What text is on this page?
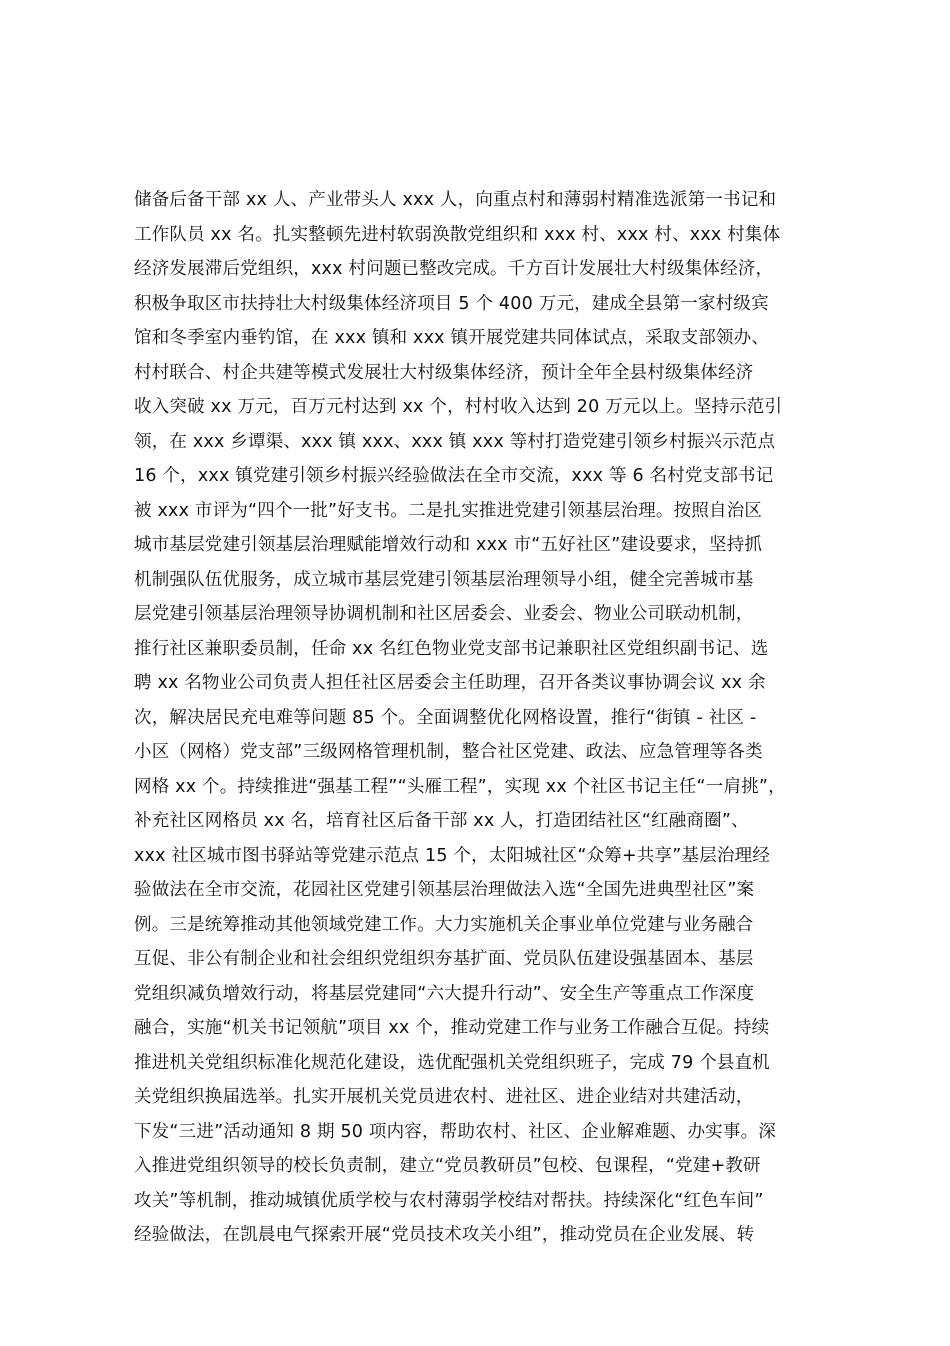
储备后备干部 xx 人、产业带头人 xxx 人，向重点村和薄弱村精准选派第一书记和
工作队员 xx 名。扎实整顿先进村软弱涣散党组织和 xxx 村、xxx 村、xxx 村集体
经济发展滞后党组织，xxx 村问题已整改完成。千方百计发展壮大村级集体经济，
积极争取区市扶持壮大村级集体经济项目 5 个 400 万元，建成全县第一家村级宾
馆和冬季室内垂钓馆，在 xxx 镇和 xxx 镇开展党建共同体试点，采取支部领办、
村村联合、村企共建等模式发展壮大村级集体经济，预计全年全县村级集体经济
收入突破 xx 万元，百万元村达到 xx 个，村村收入达到 20 万元以上。坚持示范引
领，在 xxx 乡谭渠、xxx 镇 xxx、xxx 镇 xxx 等村打造党建引领乡村振兴示范点
16 个，xxx 镇党建引领乡村振兴经验做法在全市交流，xxx 等 6 名村党支部书记
被 xxx 市评为“四个一批”好支书。二是扎实推进党建引领基层治理。按照自治区
城市基层党建引领基层治理赋能增效行动和 xxx 市“五好社区”建设要求，坚持抓
机制强队伍优服务，成立城市基层党建引领基层治理领导小组，健全完善城市基
层党建引领基层治理领导协调机制和社区居委会、业委会、物业公司联动机制，
推行社区兼职委员制，任命 xx 名红色物业党支部书记兼职社区党组织副书记、选
聘 xx 名物业公司负责人担任社区居委会主任助理，召开各类议事协调会议 xx 余
次，解决居民充电难等问题 85 个。全面调整优化网格设置，推行“街镇 - 社区 -
小区（网格）党支部”三级网格管理机制，整合社区党建、政法、应急管理等各类
网格 xx 个。持续推进“强基工程”“头雁工程”，实现 xx 个社区书记主任“一肩挑”，
补充社区网格员 xx 名，培育社区后备干部 xx 人，打造团结社区“红融商圈”、
xxx 社区城市图书驿站等党建示范点 15 个，太阳城社区“众筹+共享”基层治理经
验做法在全市交流，花园社区党建引领基层治理做法入选“全国先进典型社区”案
例。三是统筹推动其他领域党建工作。大力实施机关企事业单位党建与业务融合
互促、非公有制企业和社会组织党组织夯基扩面、党员队伍建设强基固本、基层
党组织减负增效行动，将基层党建同“六大提升行动”、安全生产等重点工作深度
融合，实施“机关书记领航”项目 xx 个，推动党建工作与业务工作融合互促。持续
推进机关党组织标准化规范化建设，选优配强机关党组织班子，完成 79 个县直机
关党组织换届选举。扎实开展机关党员进农村、进社区、进企业结对共建活动，
下发“三进”活动通知 8 期 50 项内容，帮助农村、社区、企业解难题、办实事。深
入推进党组织领导的校长负责制，建立“党员教研员”包校、包课程，“党建+教研
攻关”等机制，推动城镇优质学校与农村薄弱学校结对帮扶。持续深化“红色车间”
经验做法，在凯晨电气探索开展“党员技术攻关小组”，推动党员在企业发展、转
